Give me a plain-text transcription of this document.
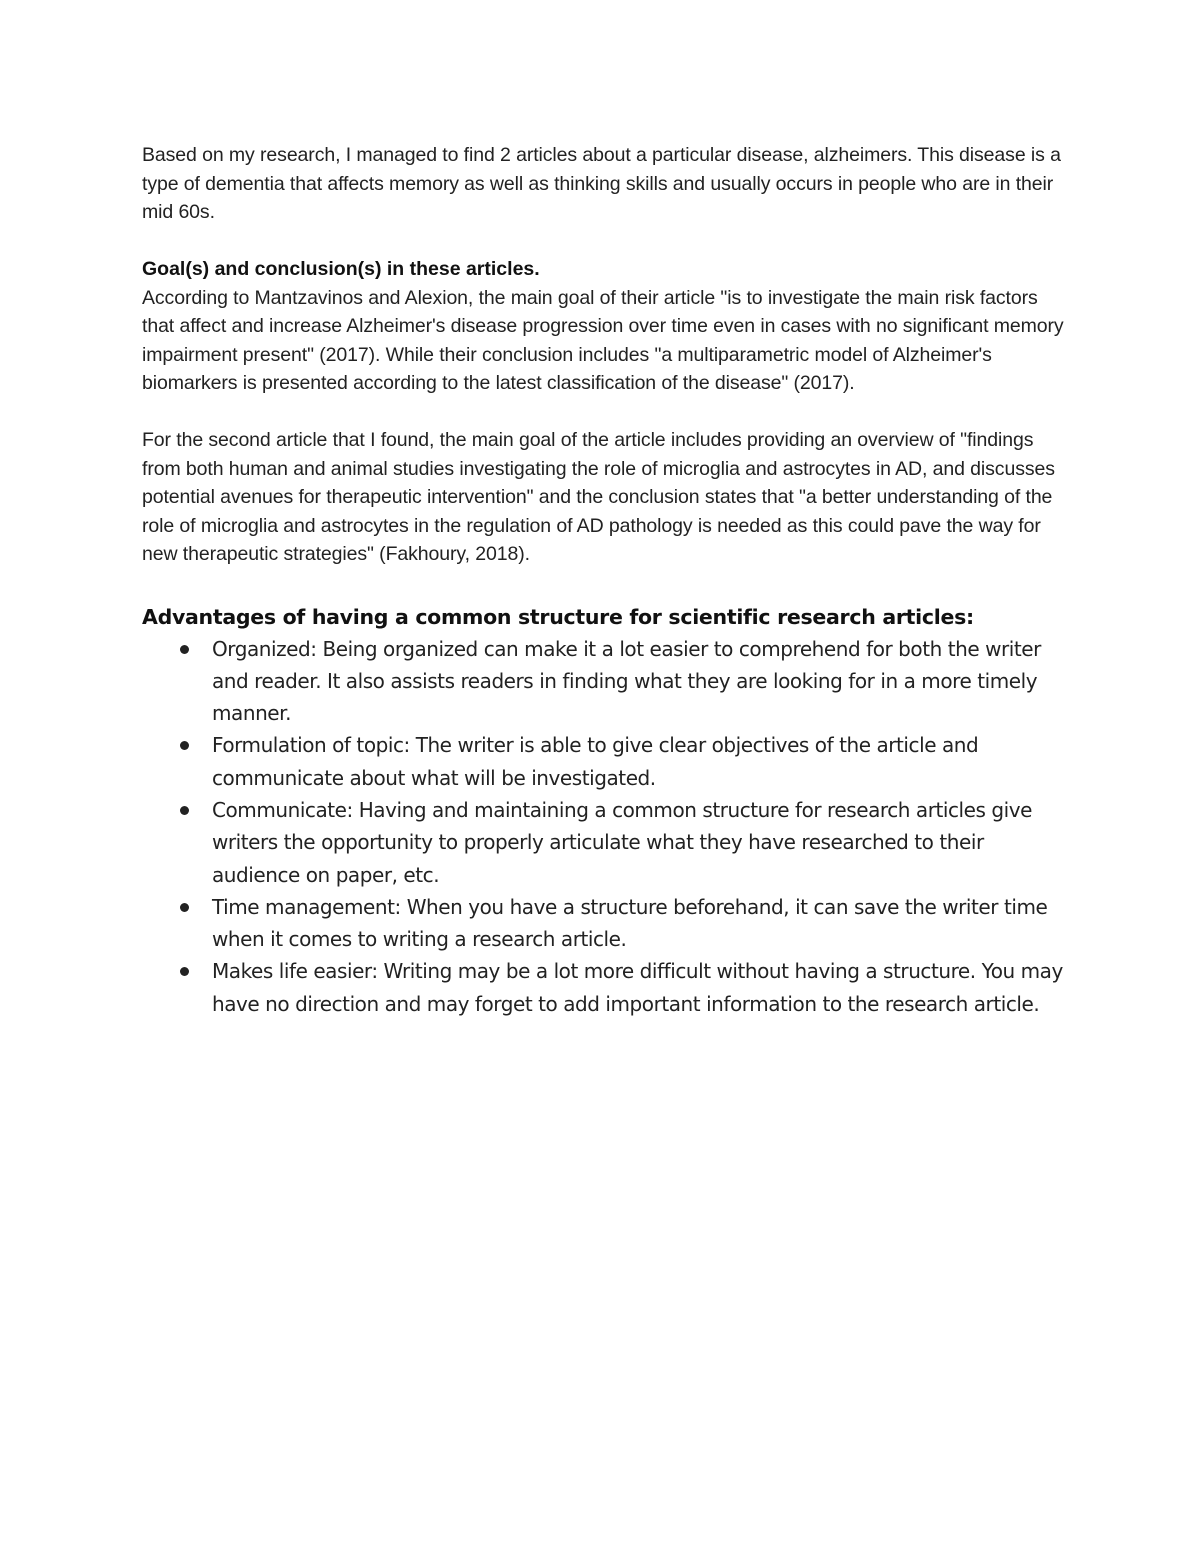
Based on my research, I managed to find 2 articles about a particular disease, alzheimers. This disease is a type of dementia that affects memory as well as thinking skills and usually occurs in people who are in their mid 60s.

Goal(s) and conclusion(s) in these articles.

According to Mantzavinos and Alexion, the main goal of their article "is to investigate the main risk factors that affect and increase Alzheimer's disease progression over time even in cases with no significant memory impairment present" (2017). While their conclusion includes "a multiparametric model of Alzheimer's biomarkers is presented according to the latest classification of the disease" (2017).

For the second article that I found, the main goal of the article includes providing an overview of "findings from both human and animal studies investigating the role of microglia and astrocytes in AD, and discusses potential avenues for therapeutic intervention" and the conclusion states that "a better understanding of the role of microglia and astrocytes in the regulation of AD pathology is needed as this could pave the way for new therapeutic strategies" (Fakhoury, 2018).

Advantages of having a common structure for scientific research articles:

Organized: Being organized can make it a lot easier to comprehend for both the writer and reader. It also assists readers in finding what they are looking for in a more timely manner.
Formulation of topic: The writer is able to give clear objectives of the article and communicate about what will be investigated.
Communicate: Having and maintaining a common structure for research articles give writers the opportunity to properly articulate what they have researched to their audience on paper, etc.
Time management: When you have a structure beforehand, it can save the writer time when it comes to writing a research article.
Makes life easier: Writing may be a lot more difficult without having a structure. You may have no direction and may forget to add important information to the research article.
